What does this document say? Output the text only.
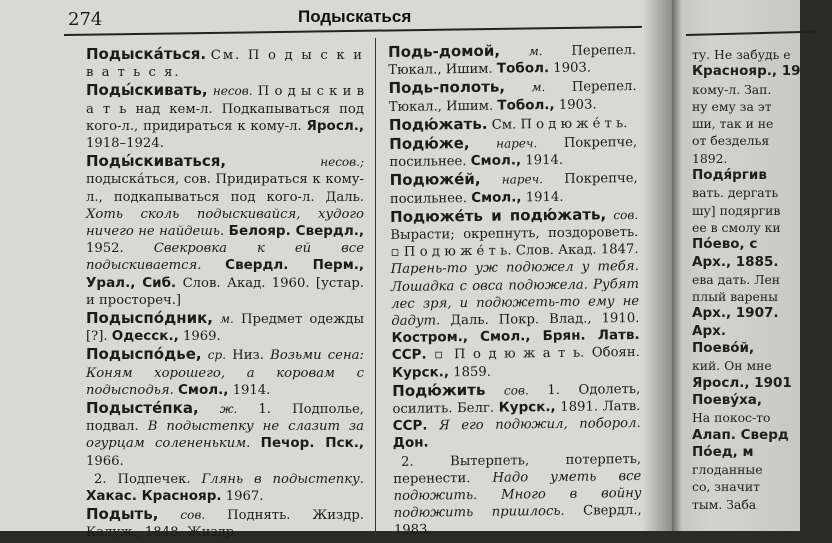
274	Подыскаться
Подыска́ться. См. П о д ы с к и в а т ь с я.
Поды́скивать, несов. П о д ы с к и в а т ь над кем-л. Подкапываться под кого-л., придираться к кому-л. Яросл., 1918–1924.
Поды́скиваться,	несов.; подыска́ться, сов. Придираться к кому-л., подкапываться под кого-л. Даль. Хоть сколь подыскивайся, худого ничего не найдешь. Белояр. Свердл., 1952. Свекровка к ей все подыскивается. Свердл. Перм., Урал., Сиб. Слов. Акад. 1960. [устар. и простореч.]
Подыспо́дник, м. Предмет одежды [?]. Одесск., 1969.
Подыспо́дье, ср. Низ. Возьми сена: Коням хорошего, а коровам с подысподья. Смол., 1914.
Подысте́пка, ж. 1. Подполье, подвал. В подыстепку не слазит за огурцам солененьким. Печор. Пск., 1966.
2. Подпечек. Глянь в подыстепку. Хакас. Краснояр. 1967.
Подыть, сов. Поднять. Жиздр. Калуж., 1848. Жиздр.
Подь-домой, м. Перепел. Тюкал., Ишим. Тобол. 1903.
Подь-полоть, м. Перепел. Тюкал., Ишим. Тобол., 1903.
Подю́жать. См. П о д ю ж е́ т ь.
Подю́же, нареч. Покрепче, посильнее. Смол., 1914.
Подюже́й, нареч. Покрепче, посильнее. Смол., 1914.
Подюже́ть и подю́жать, сов. Вырасти; окрепнуть, поздороветь. ▫ П о д ю ж е́ т ь. Слов. Акад. 1847. Парень-то уж подюжел у тебя. Лошадка с овса подюжела. Рубят лес зря, и подюжеть-то ему не дадут. Даль. Покр. Влад., 1910. Костром., Смол., Брян. Латв. ССР. ▫ П о д ю ж а т ь. Обоян. Курск., 1859.
Подю́жить сов. 1. Одолеть, осилить. Белг. Курск., 1891. Латв. ССР. Я его подюжил, поборол. Дон.
2. Вытерпеть, потерпеть, перенести. Надо уметь все подюжить. Много в войну подюжить пришлось. Свердл., 1983.
ту. Не забудь е
Краснояр., 19
кому-л. Зап.
ну ему за эт
ши, так и не
от безделья
1892.
Подя́ргив
вать. дергать
шу] подяргив
ее в смолу ки
По́ево, с
Арх., 1885.
ева дать. Лен
плый варены
Арх., 1907.
Арх.
Поево́й,
кий. Он мне
Яросл., 1901
Поеву́ха,
На покос-то
Алап. Сверд
По́ед, м
глоданные
со, значит
тым. Заба
